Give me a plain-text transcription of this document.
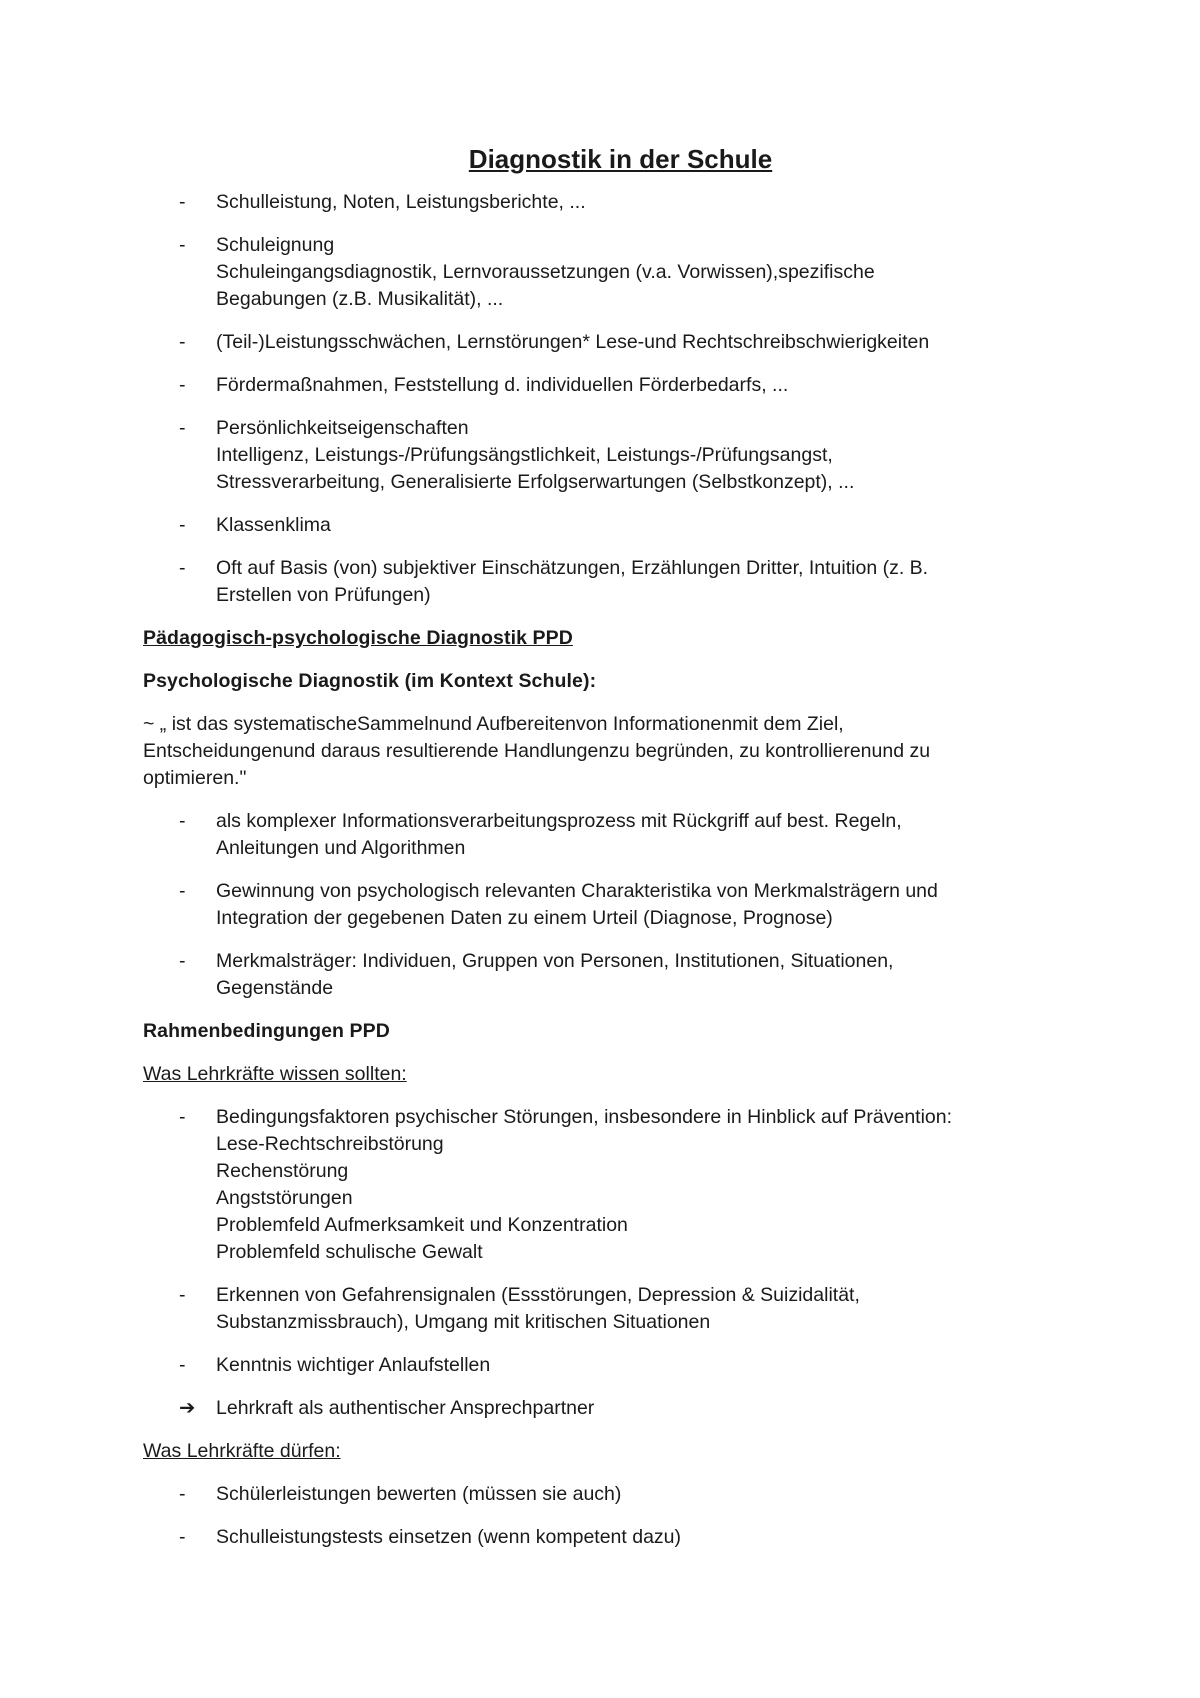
Diagnostik in der Schule
-	Schulleistung, Noten, Leistungsberichte, ...
-	Schuleignung
Schuleingangsdiagnostik, Lernvoraussetzungen (v.a. Vorwissen),spezifische
Begabungen (z.B. Musikalität), ...
-	(Teil-)Leistungsschwächen, Lernstörungen* Lese-und Rechtschreibschwierigkeiten
-	Fördermaßnahmen, Feststellung d. individuellen Förderbedarfs, ...
-	Persönlichkeitseigenschaften
Intelligenz, Leistungs-/Prüfungsängstlichkeit, Leistungs-/Prüfungsangst,
Stressverarbeitung, Generalisierte Erfolgserwartungen (Selbstkonzept), ...
-	Klassenklima
-	Oft auf Basis (von) subjektiver Einschätzungen, Erzählungen Dritter, Intuition (z. B.
Erstellen von Prüfungen)
Pädagogisch-psychologische Diagnostik PPD
Psychologische Diagnostik (im Kontext Schule):
~ „ ist das systematischeSammelnund Aufbereitenvon Informationenmit dem Ziel,
Entscheidungenund daraus resultierende Handlungenzu begründen, zu kontrollierenund zu
optimieren."
-	als komplexer Informationsverarbeitungsprozess mit Rückgriff auf best. Regeln,
Anleitungen und Algorithmen
-	Gewinnung von psychologisch relevanten Charakteristika von Merkmalsträgern und
Integration der gegebenen Daten zu einem Urteil (Diagnose, Prognose)
-	Merkmalsträger: Individuen, Gruppen von Personen, Institutionen, Situationen,
Gegenstände
Rahmenbedingungen PPD
Was Lehrkräfte wissen sollten:
-	Bedingungsfaktoren psychischer Störungen, insbesondere in Hinblick auf Prävention:
Lese-Rechtschreibstörung
Rechenstörung
Angststörungen
Problemfeld Aufmerksamkeit und Konzentration
Problemfeld schulische Gewalt
-	Erkennen von Gefahrensignalen (Essstörungen, Depression & Suizidalität,
Substanzmissbrauch), Umgang mit kritischen Situationen
-	Kenntnis wichtiger Anlaufstellen
➔ Lehrkraft als authentischer Ansprechpartner
Was Lehrkräfte dürfen:
-	Schülerleistungen bewerten (müssen sie auch)
-	Schulleistungstests einsetzen (wenn kompetent dazu)
